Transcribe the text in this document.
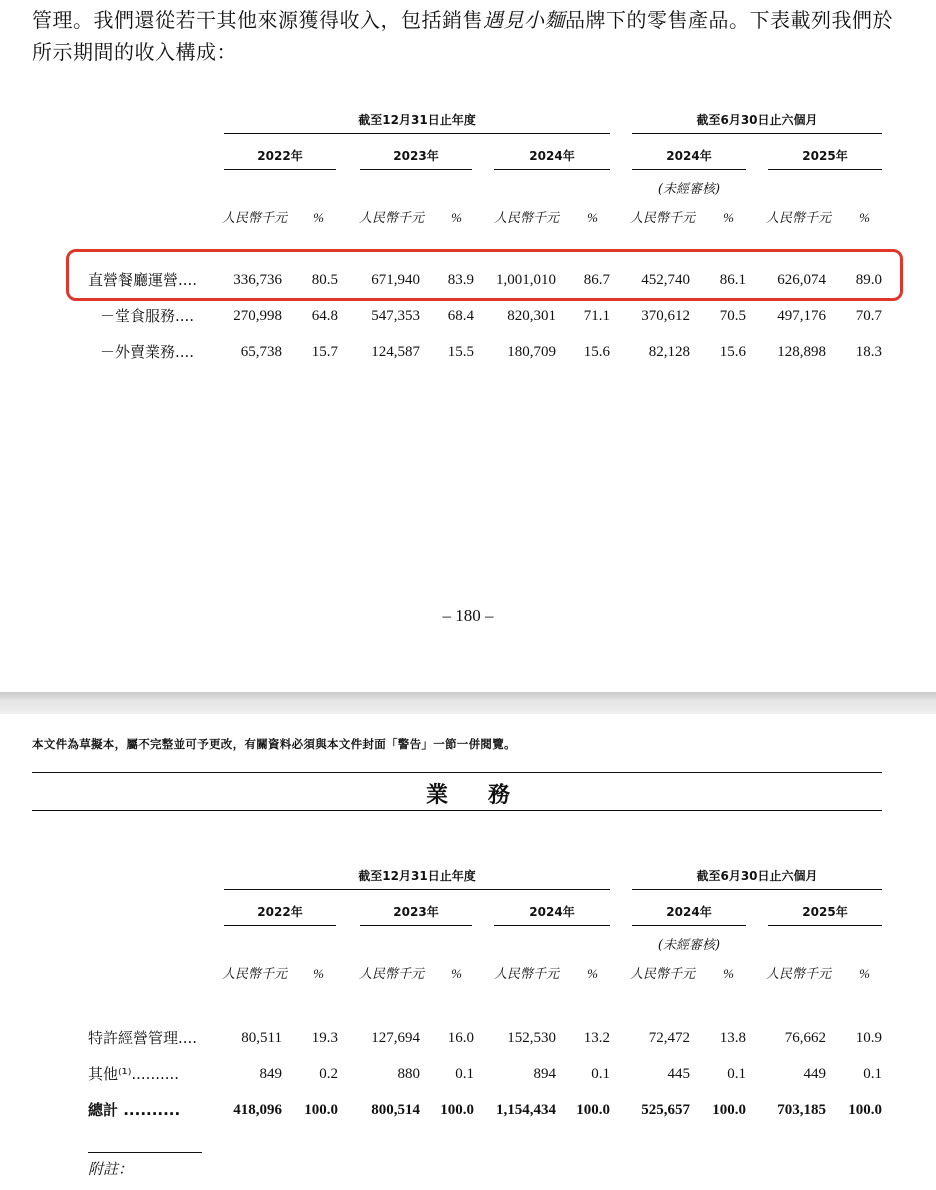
管理。我們還從若干其他來源獲得收入，包括銷售遇見小麵品牌下的零售產品。下表載列我們於所示期間的收入構成：

截至12月31日止年度	截至6月30日止六個月
2022年	2023年	2024年	2024年	2025年
(未經審核)
人民幣千元	%	人民幣千元	% 人民幣千元	% 人民幣千元	% 人民幣千元	%
直營餐廳運營....	336,736	80.5	671,940	83.9	1,001,010	86.7	452,740	86.1	626,074	89.0
－堂食服務....	270,998	64.8	547,353	68.4	820,301	71.1	370,612	70.5	497,176	70.7
－外賣業務....	65,738	15.7	124,587	15.5	180,709	15.6	82,128	15.6	128,898	18.3
– 180 –
本文件為草擬本，屬不完整並可予更改，有關資料必須與本文件封面「警告」一節一併閱覽。
業務
截至12月31日止年度	截至6月30日止六個月
2022年	2023年	2024年	2024年	2025年
(未經審核)
人民幣千元	%	人民幣千元	% 人民幣千元	% 人民幣千元	% 人民幣千元	%
特許經營管理....	80,511	19.3	127,694	16.0	152,530	13.2	72,472	13.8	76,662	10.9
其他⁽¹⁾..........	849	0.2	880	0.1	894	0.1	445	0.1	449	0.1
總計 ..........	418,096	100.0	800,514	100.0	1,154,434	100.0	525,657	100.0	703,185	100.0
附註：
